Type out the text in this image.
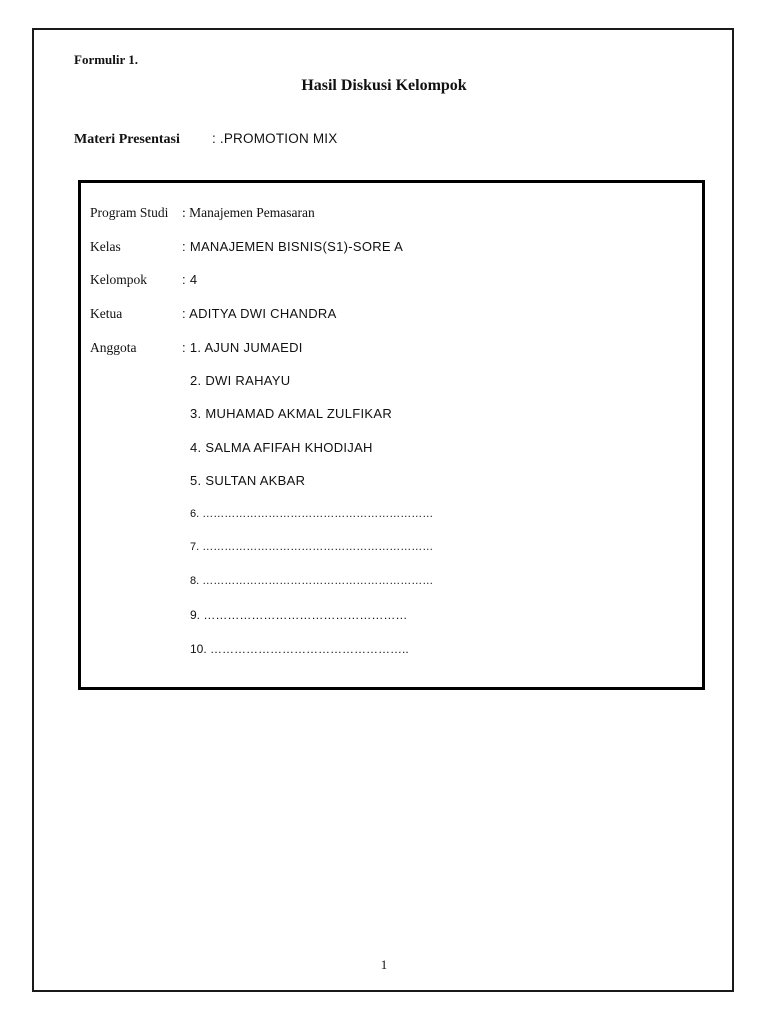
Formulir 1.
Hasil Diskusi Kelompok
Materi Presentasi : .PROMOTION MIX
Program Studi : Manajemen Pemasaran
Kelas	: MANAJEMEN BISNIS(S1)-SORE A
Kelompok	: 4
Ketua	: ADITYA DWI CHANDRA
Anggota	: 1. AJUN JUMAEDI
2. DWI RAHAYU
3. MUHAMAD AKMAL ZULFIKAR
4. SALMA AFIFAH KHODIJAH
5. SULTAN AKBAR
6. ………………………………………………………
7. ………………………………………………………
8. ………………………………………………………
9. ……………………………………………
10. …………………………………………..
1
